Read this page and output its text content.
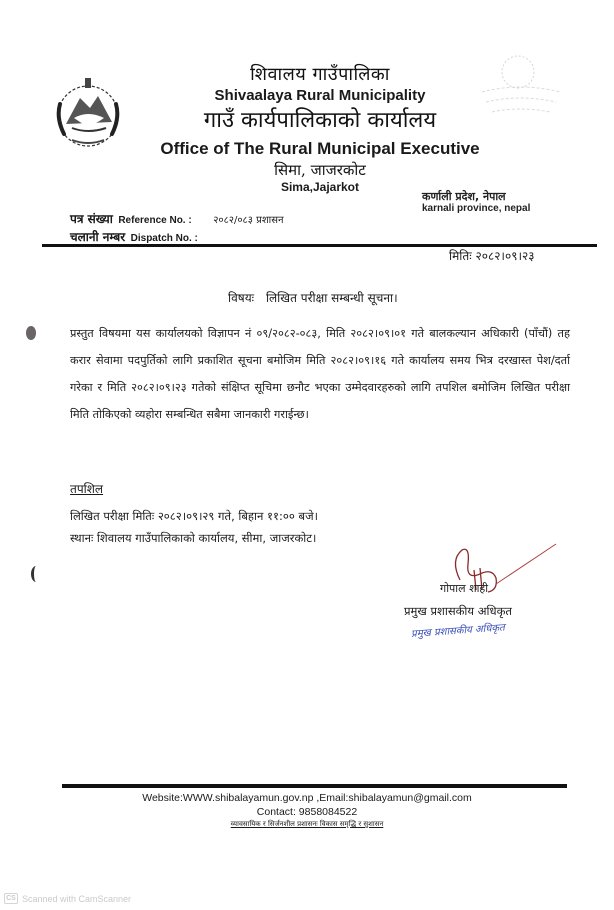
शिवालय गाउँपालिका
Shivaalaya Rural Municipality
गाउँ कार्यपालिकाको कार्यालय
Office of The Rural Municipal Executive
सिमा, जाजरकोट
Sima,Jajarkot
कर्णाली प्रदेश, नेपाल
karnali province, nepal
पत्र संख्या Reference No. : २०८२/०८३ प्रशासन
चलानी नम्बर Dispatch No. :
मितिः २०८२।०९।२३
विषयः लिखित परीक्षा सम्बन्धी सूचना।
प्रस्तुत विषयमा यस कार्यालयको विज्ञापन नं ०९/२०८२-०८३, मिति २०८२।०९।०१ गते बालकल्यान अधिकारी (पाँचौं) तह करार सेवामा पदपुर्तिको लागि प्रकाशित सूचना बमोजिम मिति २०८२।०९।१६ गते कार्यालय समय भित्र दरखास्त पेश/दर्ता गरेका र मिति २०८२।०९।२३ गतेको संक्षिप्त सूचिमा छनौट भएका उम्मेदवारहरुको लागि तपशिल बमोजिम लिखित परीक्षा मिति तोकिएको व्यहोरा सम्बन्धित सबैमा जानकारी गराईन्छ।
तपशिल
लिखित परीक्षा मितिः २०८२।०९।२९ गते, बिहान ११:०० बजे।
स्थानः शिवालय गाउँपालिकाको कार्यालय, सीमा, जाजरकोट।
गोपाल शाही
प्रमुख प्रशासकीय अधिकृत
प्रमुख प्रशासकीय अधिकृत
Website:WWW.shibalayamun.gov.np ,Email:shibalayamun@gmail.com
Contact: 9858084522
व्यावसायिक र सिर्जनशील प्रशासनः विकास समृद्धि र सुशासन
CS Scanned with CamScanner
